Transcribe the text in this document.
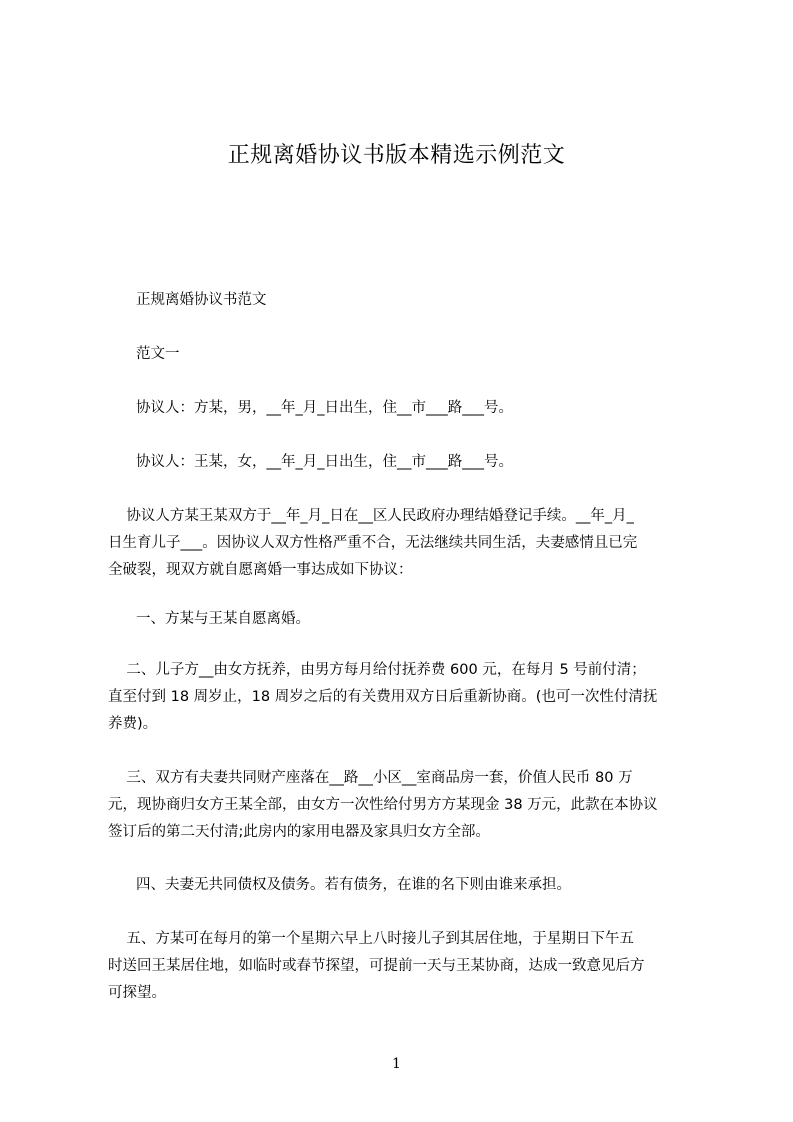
正规离婚协议书版本精选示例范文

正规离婚协议书范文

范文一

协议人：方某，男，__年_月_日出生，住__市___路___号。

协议人：王某，女，__年_月_日出生，住__市___路___号。

协议人方某王某双方于__年_月_日在__区人民政府办理结婚登记手续。__年_月_
日生育儿子___。因协议人双方性格严重不合，无法继续共同生活，夫妻感情且已完
全破裂，现双方就自愿离婚一事达成如下协议：

一、方某与王某自愿离婚。

二、儿子方__由女方抚养，由男方每月给付抚养费 600 元，在每月 5 号前付清；
直至付到 18 周岁止，18 周岁之后的有关费用双方日后重新协商。(也可一次性付清抚
养费)。
三、双方有夫妻共同财产座落在__路__小区__室商品房一套，价值人民币 80 万
元，现协商归女方王某全部，由女方一次性给付男方方某现金 38 万元，此款在本协议
签订后的第二天付清;此房内的家用电器及家具归女方全部。

四、夫妻无共同债权及债务。若有债务，在谁的名下则由谁来承担。

五、方某可在每月的第一个星期六早上八时接儿子到其居住地，于星期日下午五
时送回王某居住地，如临时或春节探望，可提前一天与王某协商，达成一致意见后方
可探望。
1
